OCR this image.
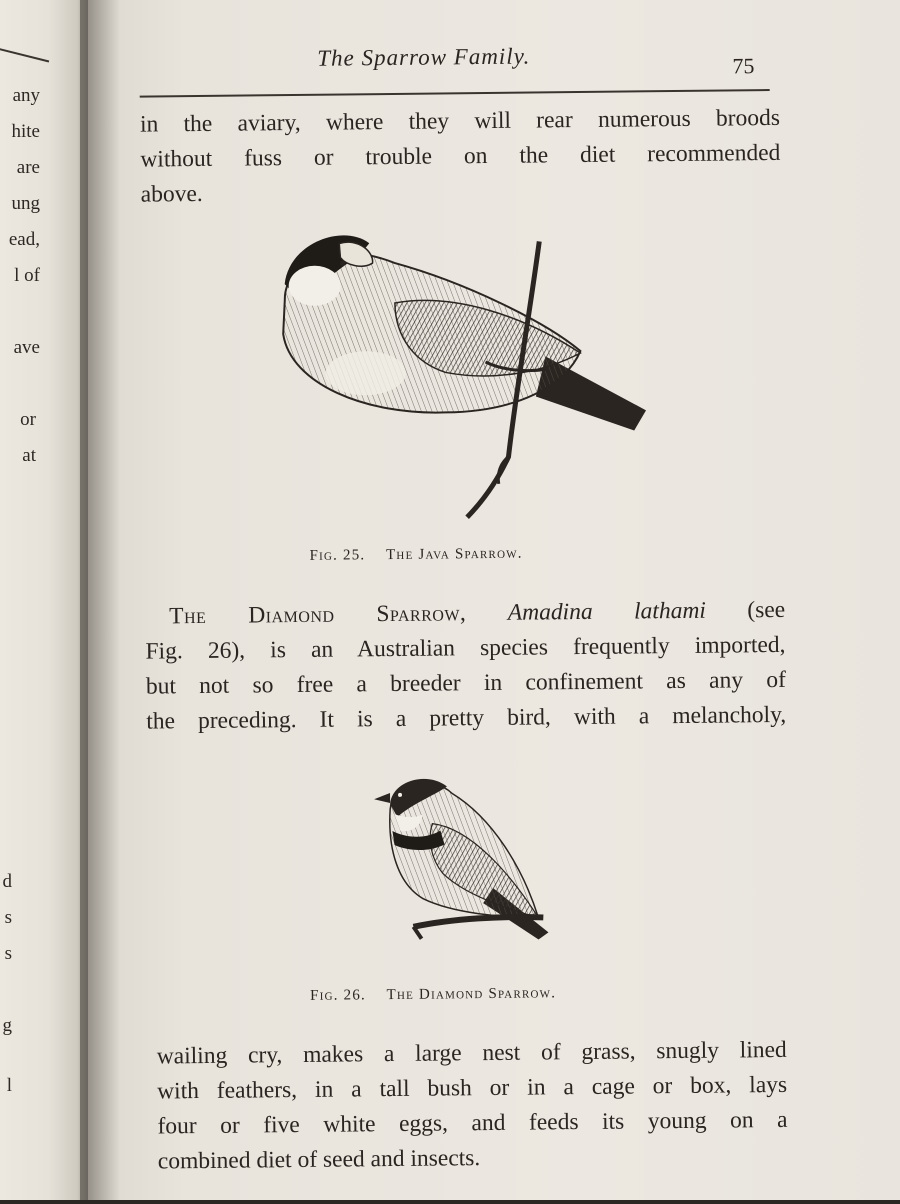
any
hite
are
ung
ead,
l of
ave
or
at
d
s
s
g
l
The Sparrow Family.	75

in the aviary, where they will rear numerous broods
without fuss or trouble on the diet recommended
above.

Fig. 25. The Java Sparrow.

The Diamond Sparrow, Amadina lathami (see
Fig. 26), is an Australian species frequently imported,
but not so free a breeder in confinement as any of
the preceding. It is a pretty bird, with a melancholy,

Fig. 26. The Diamond Sparrow.

wailing cry, makes a large nest of grass, snugly lined
with feathers, in a tall bush or in a cage or box, lays
four or five white eggs, and feeds its young on a
combined diet of seed and insects.
